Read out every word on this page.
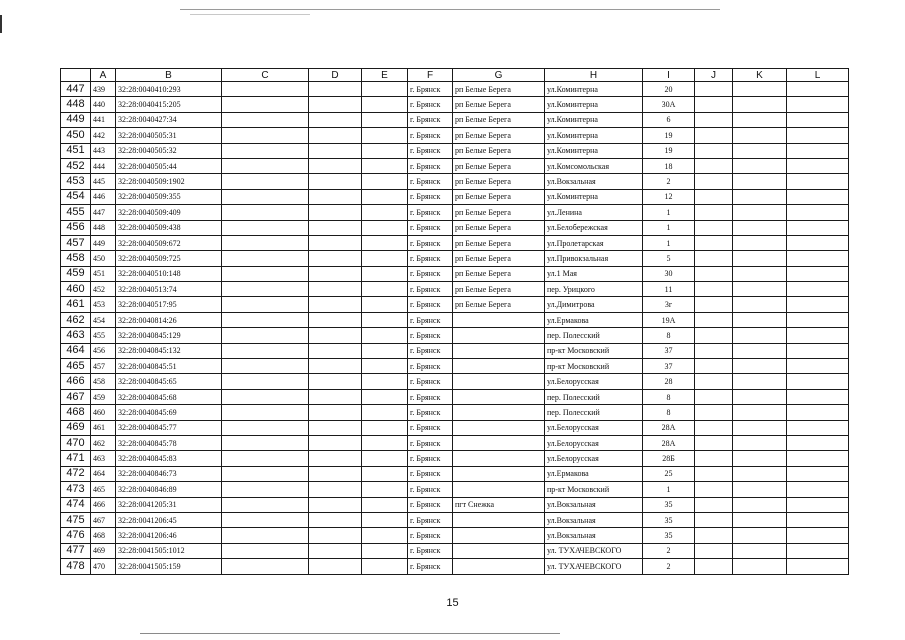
	A	B	C	D	E	F	G	H	I	J	K	L
447	439	32:28:0040410:293				г. Брянск	рп Белые Берега	ул.Коминтерна	20			
448	440	32:28:0040415:205				г. Брянск	рп Белые Берега	ул.Коминтерна	30А			
449	441	32:28:0040427:34				г. Брянск	рп Белые Берега	ул.Коминтерна	6			
450	442	32:28:0040505:31				г. Брянск	рп Белые Берега	ул.Коминтерна	19			
451	443	32:28:0040505:32				г. Брянск	рп Белые Берега	ул.Коминтерна	19			
452	444	32:28:0040505:44				г. Брянск	рп Белые Берега	ул.Комсомольская	18			
453	445	32:28:0040509:1902				г. Брянск	рп Белые Берега	ул.Вокзальная	2			
454	446	32:28:0040509:355				г. Брянск	рп Белые Берега	ул.Коминтерна	12			
455	447	32:28:0040509:409				г. Брянск	рп Белые Берега	ул.Ленина	1			
456	448	32:28:0040509:438				г. Брянск	рп Белые Берега	ул.Белобережская	1			
457	449	32:28:0040509:672				г. Брянск	рп Белые Берега	ул.Пролетарская	1			
458	450	32:28:0040509:725				г. Брянск	рп Белые Берега	ул.Привокзальная	5			
459	451	32:28:0040510:148				г. Брянск	рп Белые Берега	ул.1 Мая	30			
460	452	32:28:0040513:74				г. Брянск	рп Белые Берега	пер. Урицкого	11			
461	453	32:28:0040517:95				г. Брянск	рп Белые Берега	ул.Димитрова	3г			
462	454	32:28:0040814:26				г. Брянск		ул.Ермакова	19А			
463	455	32:28:0040845:129				г. Брянск		пер. Полесский	8			
464	456	32:28:0040845:132				г. Брянск		пр-кт Московский	37			
465	457	32:28:0040845:51				г. Брянск		пр-кт Московский	37			
466	458	32:28:0040845:65				г. Брянск		ул.Белорусская	28			
467	459	32:28:0040845:68				г. Брянск		пер. Полесский	8			
468	460	32:28:0040845:69				г. Брянск		пер. Полесский	8			
469	461	32:28:0040845:77				г. Брянск		ул.Белорусская	28А			
470	462	32:28:0040845:78				г. Брянск		ул.Белорусская	28А			
471	463	32:28:0040845:83				г. Брянск		ул.Белорусская	28Б			
472	464	32:28:0040846:73				г. Брянск		ул.Ермакова	25			
473	465	32:28:0040846:89				г. Брянск		пр-кт Московский	1			
474	466	32:28:0041205:31				г. Брянск	пгт Снежка	ул.Вокзальная	35			
475	467	32:28:0041206:45				г. Брянск		ул.Вокзальная	35			
476	468	32:28:0041206:46				г. Брянск		ул.Вокзальная	35			
477	469	32:28:0041505:1012				г. Брянск		ул. ТУХАЧЕВСКОГО	2			
478	470	32:28:0041505:159				г. Брянск		ул. ТУХАЧЕВСКОГО	2			
15
